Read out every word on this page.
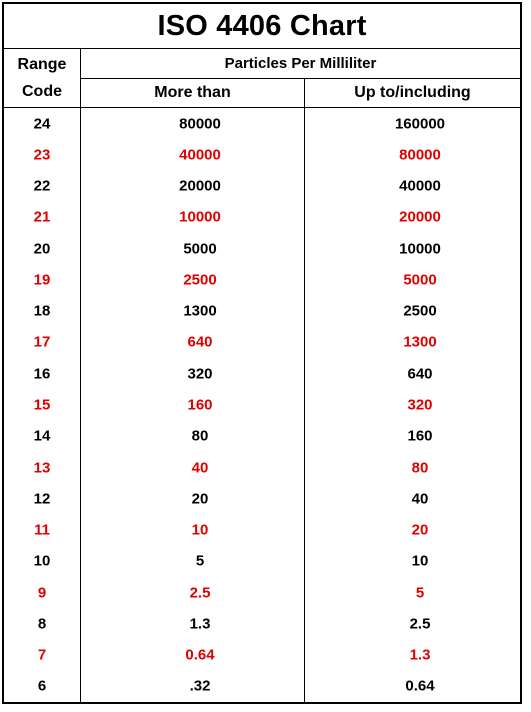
ISO 4406 Chart
Range
Code
Particles Per Milliliter
More than	Up to/including
24	80000	160000
23	40000	80000
22	20000	40000
21	10000	20000
20	5000	10000
19	2500	5000
18	1300	2500
17	640	1300
16	320	640
15	160	320
14	80	160
13	40	80
12	20	40
11	10	20
10	5	10
9	2.5	5
8	1.3	2.5
7	0.64	1.3
6	.32	0.64
